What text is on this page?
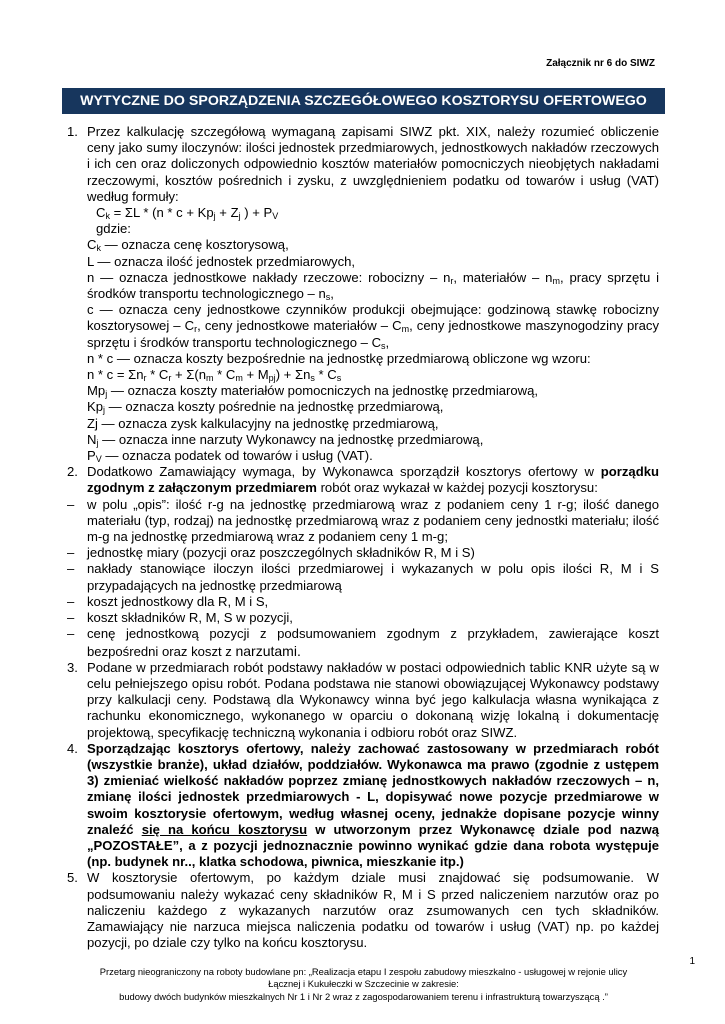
Załącznik nr 6 do SIWZ
WYTYCZNE DO SPORZĄDZENIA SZCZEGÓŁOWEGO KOSZTORYSU OFERTOWEGO
1. Przez kalkulację szczegółową wymaganą zapisami SIWZ pkt. XIX, należy rozumieć obliczenie ceny jako sumy iloczynów: ilości jednostek przedmiarowych, jednostkowych nakładów rzeczowych i ich cen oraz doliczonych odpowiednio kosztów materiałów pomocniczych nieobjętych nakładami rzeczowymi, kosztów pośrednich i zysku, z uwzględnieniem podatku od towarów i usług (VAT) według formuły:
$C_k = \Sigma L * (n * c + Kp_j + Z_j$ ) + $P_V$
gdzie:
$C_k$ — oznacza cenę kosztorysową,
L — oznacza ilość jednostek przedmiarowych,
n — oznacza jednostkowe nakłady rzeczowe: robocizny – $n_r$, materiałów – $n_m$, pracy sprzętu i środków transportu technologicznego – $n_s$,
c — oznacza ceny jednostkowe czynników produkcji obejmujące: godzinową stawkę robocizny kosztorysowej – $C_r$, ceny jednostkowe materiałów – $C_m$, ceny jednostkowe maszynogodziny pracy sprzętu i środków transportu technologicznego – $C_s$,
n * c — oznacza koszty bezpośrednie na jednostkę przedmiarową obliczone wg wzoru:
$n * c = \Sigma n_r * C_r + \Sigma(n_m * C_m + M_{pj}) + \Sigma n_s * C_s$
$Mp_j$ — oznacza koszty materiałów pomocniczych na jednostkę przedmiarową,
$Kp_j$ — oznacza koszty pośrednie na jednostkę przedmiarową,
Zj — oznacza zysk kalkulacyjny na jednostkę przedmiarową,
$N_j$ — oznacza inne narzuty Wykonawcy na jednostkę przedmiarową,
$P_V$ — oznacza podatek od towarów i usług (VAT).
2. Dodatkowo Zamawiający wymaga, by Wykonawca sporządził kosztorys ofertowy w porządku zgodnym z załączonym przedmiarem robót oraz wykazał w każdej pozycji kosztorysu:
– w polu „opis”: ilość r-g na jednostkę przedmiarową wraz z podaniem ceny 1 r-g; ilość danego materiału (typ, rodzaj) na jednostkę przedmiarową wraz z podaniem ceny jednostki materiału; ilość m-g na jednostkę przedmiarową wraz z podaniem ceny 1 m-g;
– jednostkę miary (pozycji oraz poszczególnych składników R, M i S)
– nakłady stanowiące iloczyn ilości przedmiarowej i wykazanych w polu opis ilości R, M i S przypadających na jednostkę przedmiarową
– koszt jednostkowy dla R, M i S,
– koszt składników R, M, S w pozycji,
– cenę jednostkową pozycji z podsumowaniem zgodnym z przykładem, zawierające koszt bezpośredni oraz koszt z narzutami.
3. Podane w przedmiarach robót podstawy nakładów w postaci odpowiednich tablic KNR użyte są w celu pełniejszego opisu robót. Podana podstawa nie stanowi obowiązującej Wykonawcy podstawy przy kalkulacji ceny. Podstawą dla Wykonawcy winna być jego kalkulacja własna wynikająca z rachunku ekonomicznego, wykonanego w oparciu o dokonaną wizję lokalną i dokumentację projektową, specyfikację techniczną wykonania i odbioru robót oraz SIWZ.
4. Sporządzając kosztorys ofertowy, należy zachować zastosowany w przedmiarach robót (wszystkie branże), układ działów, poddziałów. Wykonawca ma prawo (zgodnie z ustępem 3) zmieniać wielkość nakładów poprzez zmianę jednostkowych nakładów rzeczowych – n, zmianę ilości jednostek przedmiarowych - L, dopisywać nowe pozycje przedmiarowe w swoim kosztorysie ofertowym, według własnej oceny, jednakże dopisane pozycje winny znaleźć się na końcu kosztorysu w utworzonym przez Wykonawcę dziale pod nazwą „POZOSTAŁE”, a z pozycji jednoznacznie powinno wynikać gdzie dana robota występuje (np. budynek nr.., klatka schodowa, piwnica, mieszkanie itp.)
5. W kosztorysie ofertowym, po każdym dziale musi znajdować się podsumowanie. W podsumowaniu należy wykazać ceny składników R, M i S przed naliczeniem narzutów oraz po naliczeniu każdego z wykazanych narzutów oraz zsumowanych cen tych składników. Zamawiający nie narzuca miejsca naliczenia podatku od towarów i usług (VAT) np. po każdej pozycji, po dziale czy tylko na końcu kosztorysu.
1
Przetarg nieograniczony na roboty budowlane pn: „Realizacja etapu I zespołu zabudowy mieszkalno - usługowej w rejonie ulicy
Łącznej i Kukułeczki w Szczecinie w zakresie:
budowy dwóch budynków mieszkalnych Nr 1 i Nr 2 wraz z zagospodarowaniem terenu i infrastrukturą towarzyszącą .”
